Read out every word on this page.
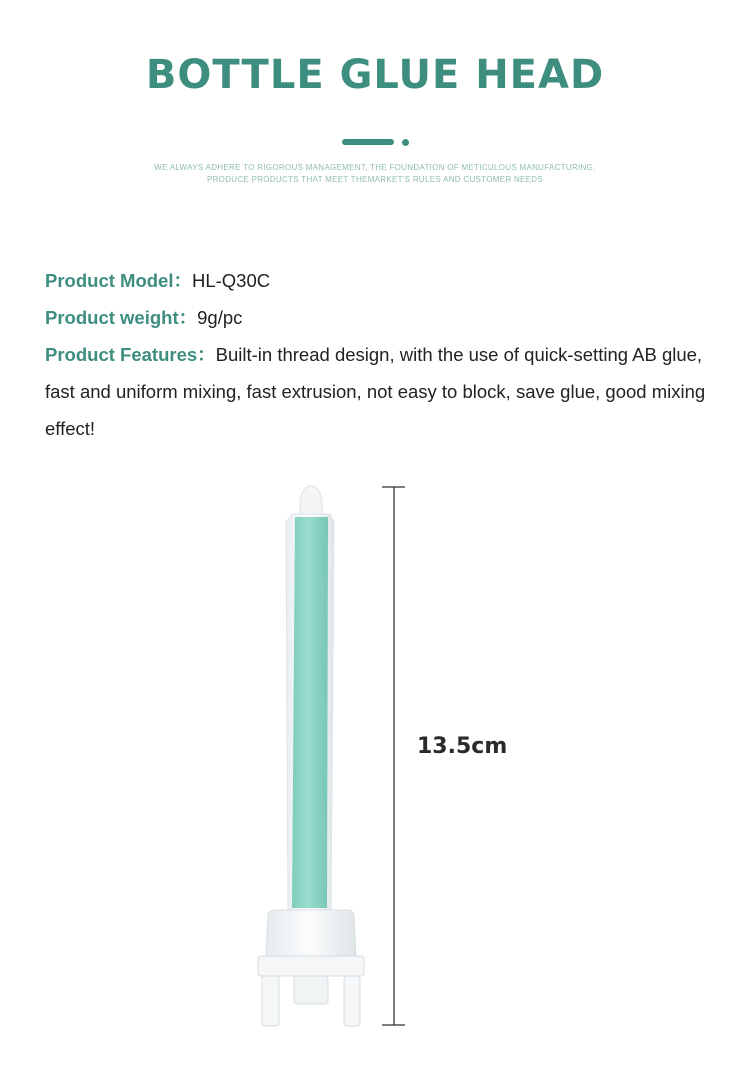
BOTTLE GLUE HEAD

WE ALWAYS ADHERE TO RIGOROUS MANAGEMENT, THE FOUNDATION OF METICULOUS MANUFACTURING,

PRODUCE PRODUCTS THAT MEET THEMARKET'S RULES AND CUSTOMER NEEDS

Product Model：HL-Q30C

Product weight：9g/pc

Product Features：Built-in thread design, with the use of quick-setting AB glue, fast and uniform mixing, fast extrusion, not easy to block, save glue, good mixing effect!

13.5cm
